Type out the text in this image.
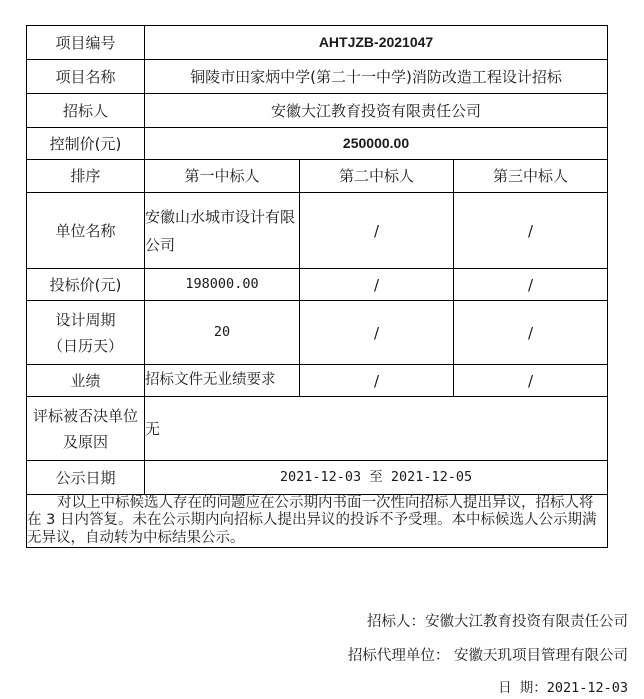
项目编号	AHTJZB-2021047		
项目名称	铜陵市田家炳中学(第二十一中学)消防改造工程设计招标		
招标人	安徽大江教育投资有限责任公司		
控制价(元)	250000.00		
排序	第一中标人	第二中标人	第三中标人
单位名称	安徽山水城市设计有限公司	/	/
投标价(元)	198000.00	/	/
设计周期（日历天）	20	/	/
业绩	招标文件无业绩要求	/	/
评标被否决单位及原因	无		
公示日期	2021-12-03 至 2021-12-05		
对以上中标候选人存在的问题应在公示期内书面一次性向招标人提出异议，招标人将在 3 日内答复。未在公示期内向招标人提出异议的投诉不予受理。本中标候选人公示期满无异议，自动转为中标结果公示。			
招标人：安徽大江教育投资有限责任公司
招标代理单位： 安徽天玑项目管理有限公司
日 期：2021-12-03
